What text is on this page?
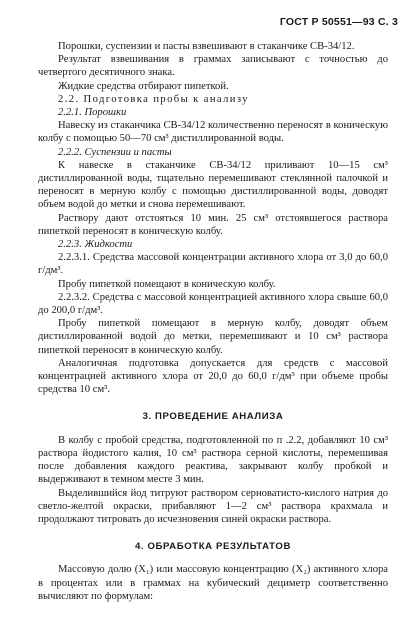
ГОСТ Р 50551—93 С. 3

Порошки, суспензии и пасты взвешивают в стаканчике СВ-34/12.

Результат взвешивания в граммах записывают с точностью до четвертого десятичного знака.

Жидкие средства отбирают пипеткой.

2.2. Подготовка пробы к анализу

2.2.1. Порошки

Навеску из стаканчика СВ-34/12 количественно переносят в коническую колбу с помощью 50—70 см³ дистиллированной воды.

2.2.2. Суспензии и пасты

К навеске в стаканчике СВ-34/12 приливают 10—15 см³ дистиллированной воды, тщательно перемешивают стеклянной палочкой и переносят в мерную колбу с помощью дистиллированной воды, доводят объем водой до метки и снова перемешивают.

Раствору дают отстояться 10 мин. 25 см³ отстоявшегося раствора пипеткой переносят в коническую колбу.

2.2.3. Жидкости

2.2.3.1. Средства массовой концентрации активного хлора от 3,0 до 60,0 г/дм³.

Пробу пипеткой помещают в коническую колбу.

2.2.3.2. Средства с массовой концентрацией активного хлора свыше 60,0 до 200,0 г/дм³.

Пробу пипеткой помещают в мерную колбу, доводят объем дистиллированной водой до метки, перемешивают и 10 см³ раствора пипеткой переносят в коническую колбу.

Аналогичная подготовка допускается для средств с массовой концентрацией активного хлора от 20,0 до 60,0 г/дм³ при объеме пробы средства 10 см³.

3. ПРОВЕДЕНИЕ АНАЛИЗА

В колбу с пробой средства, подготовленной по п .2.2, добавляют 10 см³ раствора йодистого калия, 10 см³ раствора серной кислоты, перемешивая после добавления каждого реактива, закрывают колбу пробкой и выдерживают в темном месте 3 мин.

Выделившийся йод титруют раствором серноватисто-кислого натрия до светло-желтой окраски, прибавляют 1—2 см³ раствора крахмала и продолжают титровать до исчезновения синей окраски раствора.

4. ОБРАБОТКА РЕЗУЛЬТАТОВ

Массовую долю (X₁) или массовую концентрацию (X₂) активного хлора в процентах или в граммах на кубический дециметр соответственно вычисляют по формулам:
